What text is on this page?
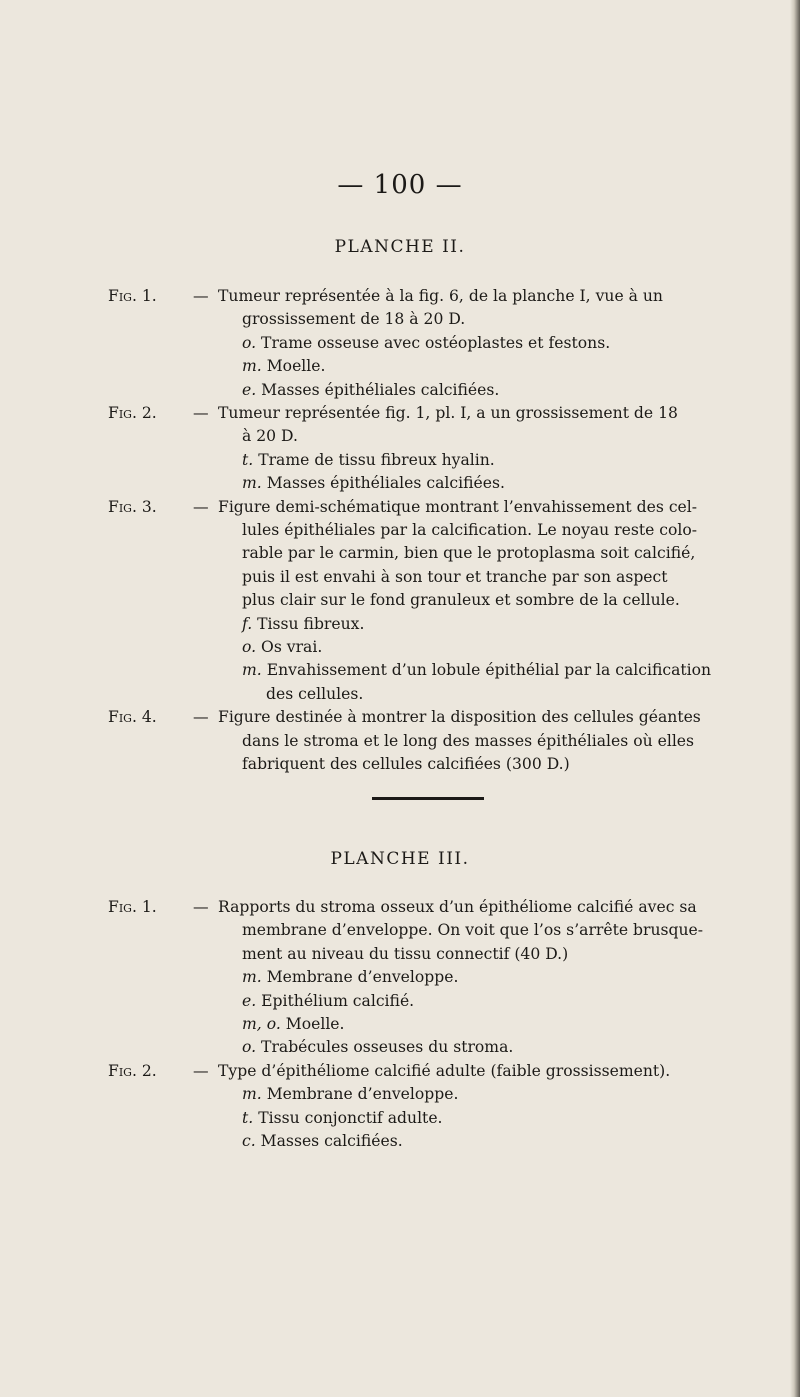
— 100 —
PLANCHE II.
Fig. 1. — Tumeur représentée à la fig. 6, de la planche I, vue à un
grossissement de 18 à 20 D.
o. Trame osseuse avec ostéoplastes et festons.
m. Moelle.
e. Masses épithéliales calcifiées.
Fig. 2. — Tumeur représentée fig. 1, pl. I, a un grossissement de 18
à 20 D.
t. Trame de tissu fibreux hyalin.
m. Masses épithéliales calcifiées.
Fig. 3. — Figure demi-schématique montrant l’envahissement des cel-
lules épithéliales par la calcification. Le noyau reste colo-
rable par le carmin, bien que le protoplasma soit calcifié,
puis il est envahi à son tour et tranche par son aspect
plus clair sur le fond granuleux et sombre de la cellule.
f. Tissu fibreux.
o. Os vrai.
m. Envahissement d’un lobule épithélial par la calcification
des cellules.
Fig. 4. — Figure destinée à montrer la disposition des cellules géantes
dans le stroma et le long des masses épithéliales où elles
fabriquent des cellules calcifiées (300 D.)
PLANCHE III.
Fig. 1. — Rapports du stroma osseux d’un épithéliome calcifié avec sa
membrane d’enveloppe. On voit que l’os s’arrête brusque-
ment au niveau du tissu connectif (40 D.)
m. Membrane d’enveloppe.
e. Epithélium calcifié.
m, o. Moelle.
o. Trabécules osseuses du stroma.
Fig. 2. — Type d’épithéliome calcifié adulte (faible grossissement).
m. Membrane d’enveloppe.
t. Tissu conjonctif adulte.
c. Masses calcifiées.
